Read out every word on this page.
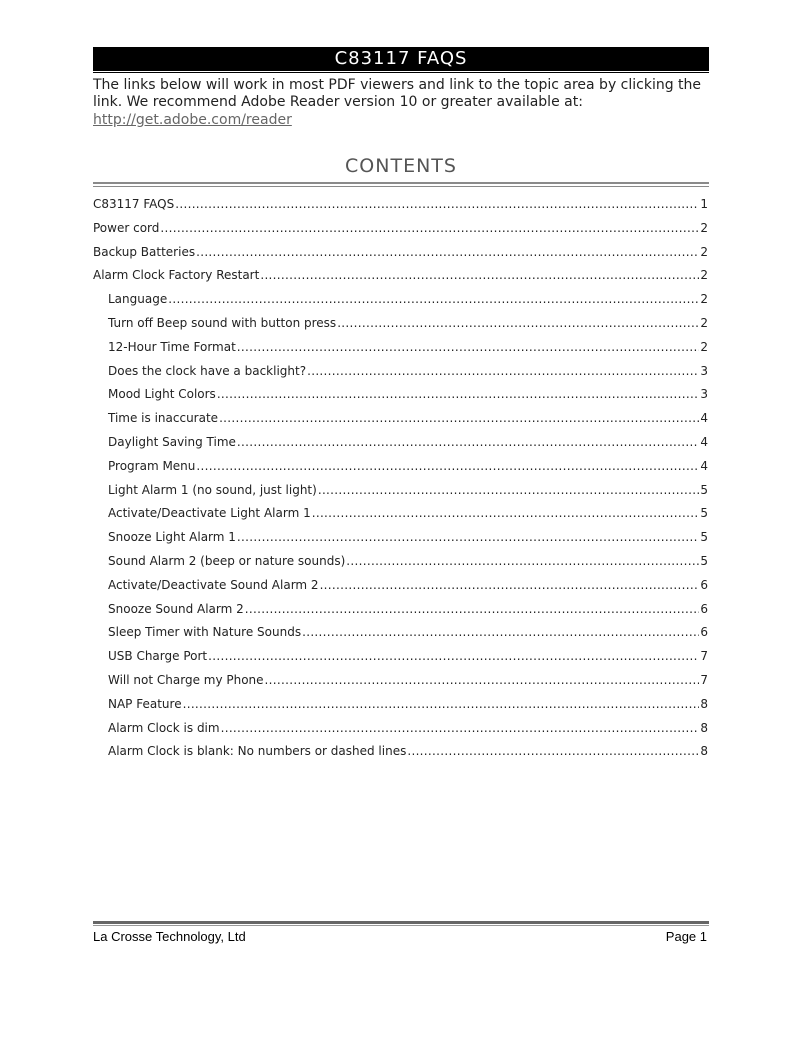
C83117 FAQS
The links below will work in most PDF viewers and link to the topic area by clicking the link. We recommend Adobe Reader version 10 or greater available at:
http://get.adobe.com/reader
CONTENTS
C83117 FAQS .....	1
Power cord .....	2
Backup Batteries .....	2
Alarm Clock Factory Restart .....	2
Language .....	2
Turn off Beep sound with button press .....	2
12-Hour Time Format .....	2
Does the clock have a backlight? .....	3
Mood Light Colors .....	3
Time is inaccurate .....	4
Daylight Saving Time .....	4
Program Menu .....	4
Light Alarm 1 (no sound, just light) .....	5
Activate/Deactivate Light Alarm 1 .....	5
Snooze Light Alarm 1 .....	5
Sound Alarm 2 (beep or nature sounds) .....	5
Activate/Deactivate Sound Alarm 2 .....	6
Snooze Sound Alarm 2 .....	6
Sleep Timer with Nature Sounds .....	6
USB Charge Port .....	7
Will not Charge my Phone .....	7
NAP Feature .....	8
Alarm Clock is dim .....	8
Alarm Clock is blank: No numbers or dashed lines .....	8
La Crosse Technology, Ltd	Page 1
